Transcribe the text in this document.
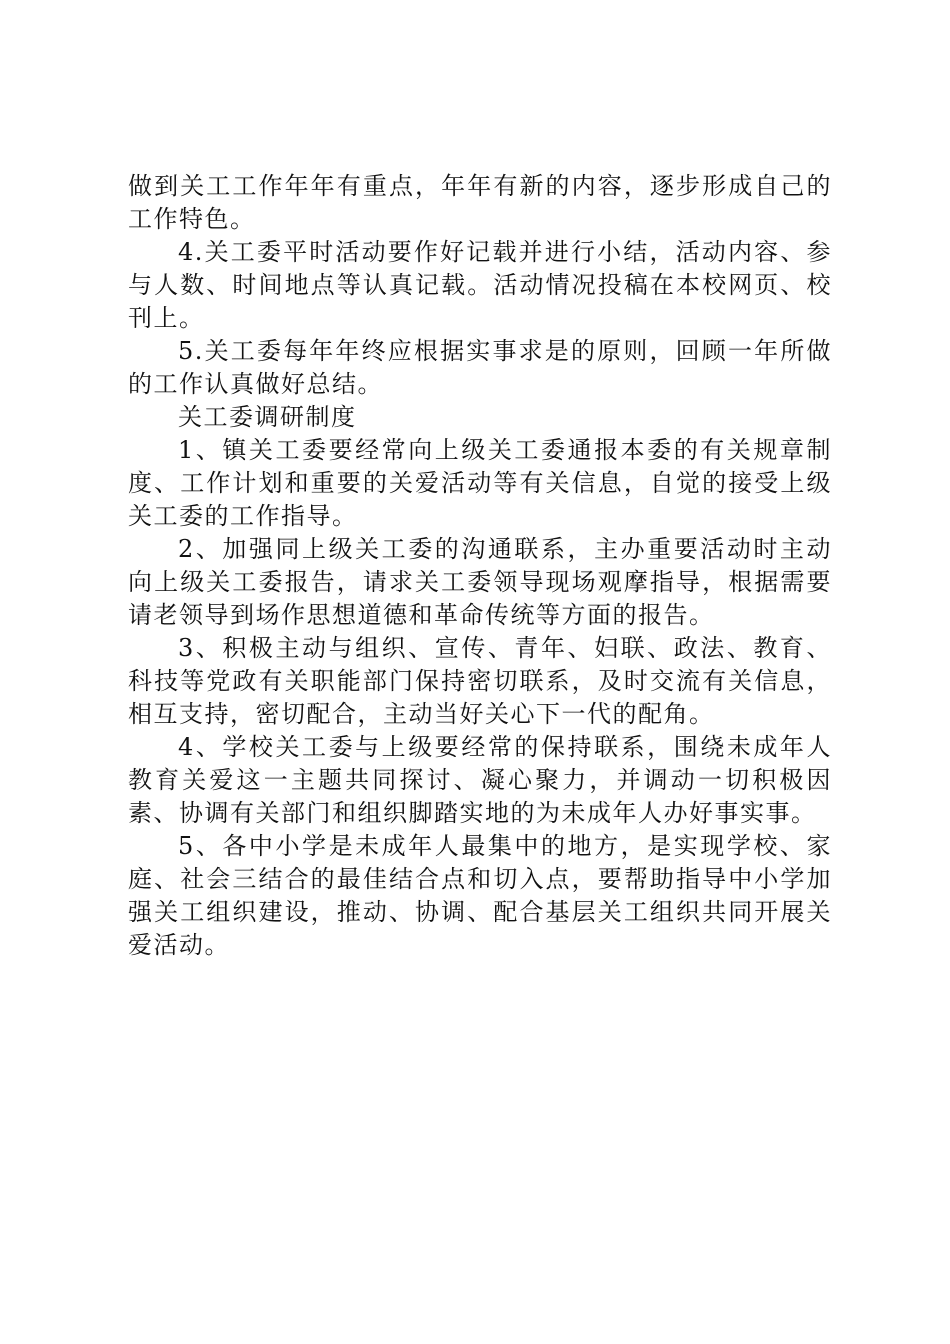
做到关工工作年年有重点，年年有新的内容，逐步形成自己的工作特色。

4.关工委平时活动要作好记载并进行小结，活动内容、参与人数、时间地点等认真记载。活动情况投稿在本校网页、校刊上。

5.关工委每年年终应根据实事求是的原则，回顾一年所做的工作认真做好总结。

关工委调研制度

1、镇关工委要经常向上级关工委通报本委的有关规章制度、工作计划和重要的关爱活动等有关信息，自觉的接受上级关工委的工作指导。

2、加强同上级关工委的沟通联系，主办重要活动时主动向上级关工委报告，请求关工委领导现场观摩指导，根据需要请老领导到场作思想道德和革命传统等方面的报告。

3、积极主动与组织、宣传、青年、妇联、政法、教育、科技等党政有关职能部门保持密切联系，及时交流有关信息，相互支持，密切配合，主动当好关心下一代的配角。

4、学校关工委与上级要经常的保持联系，围绕未成年人教育关爱这一主题共同探讨、凝心聚力，并调动一切积极因素、协调有关部门和组织脚踏实地的为未成年人办好事实事。

5、各中小学是未成年人最集中的地方，是实现学校、家庭、社会三结合的最佳结合点和切入点，要帮助指导中小学加强关工组织建设，推动、协调、配合基层关工组织共同开展关爱活动。
